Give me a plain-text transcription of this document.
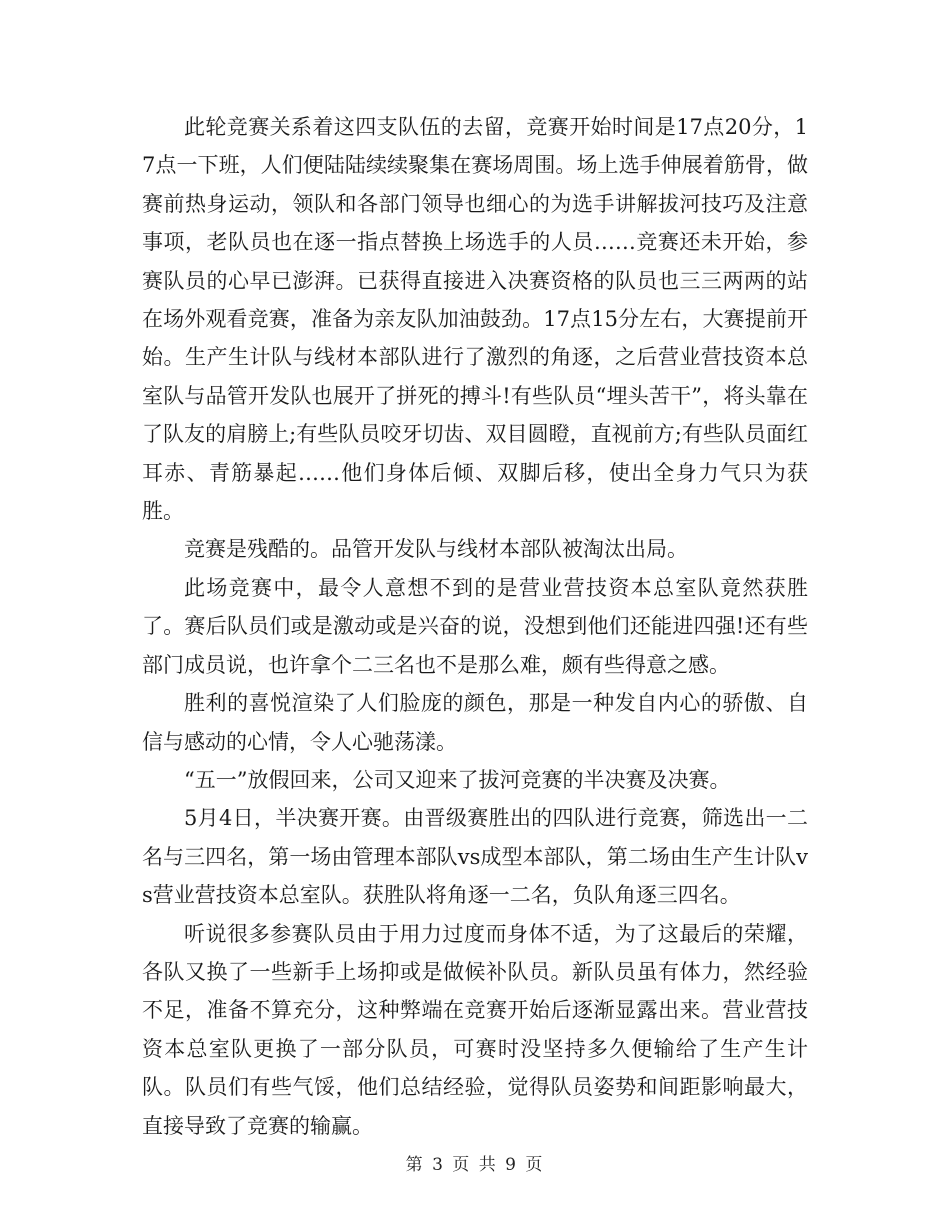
此轮竞赛关系着这四支队伍的去留，竞赛开始时间是17点20分，17点一下班，人们便陆陆续续聚集在赛场周围。场上选手伸展着筋骨，做赛前热身运动，领队和各部门领导也细心的为选手讲解拔河技巧及注意事项，老队员也在逐一指点替换上场选手的人员……竞赛还未开始，参赛队员的心早已澎湃。已获得直接进入决赛资格的队员也三三两两的站在场外观看竞赛，准备为亲友队加油鼓劲。17点15分左右，大赛提前开始。生产生计队与线材本部队进行了激烈的角逐，之后营业营技资本总室队与品管开发队也展开了拼死的搏斗!有些队员“埋头苦干”，将头靠在了队友的肩膀上;有些队员咬牙切齿、双目圆瞪，直视前方;有些队员面红耳赤、青筋暴起……他们身体后倾、双脚后移，使出全身力气只为获胜。

竞赛是残酷的。品管开发队与线材本部队被淘汰出局。

此场竞赛中，最令人意想不到的是营业营技资本总室队竟然获胜了。赛后队员们或是激动或是兴奋的说，没想到他们还能进四强!还有些部门成员说，也许拿个二三名也不是那么难，颇有些得意之感。

胜利的喜悦渲染了人们脸庞的颜色，那是一种发自内心的骄傲、自信与感动的心情，令人心驰荡漾。

“五一”放假回来，公司又迎来了拔河竞赛的半决赛及决赛。

5月4日，半决赛开赛。由晋级赛胜出的四队进行竞赛，筛选出一二名与三四名，第一场由管理本部队vs成型本部队，第二场由生产生计队vs营业营技资本总室队。获胜队将角逐一二名，负队角逐三四名。

听说很多参赛队员由于用力过度而身体不适，为了这最后的荣耀，各队又换了一些新手上场抑或是做候补队员。新队员虽有体力，然经验不足，准备不算充分，这种弊端在竞赛开始后逐渐显露出来。营业营技资本总室队更换了一部分队员，可赛时没坚持多久便输给了生产生计队。队员们有些气馁，他们总结经验，觉得队员姿势和间距影响最大，直接导致了竞赛的输赢。

第 3 页 共 9 页
